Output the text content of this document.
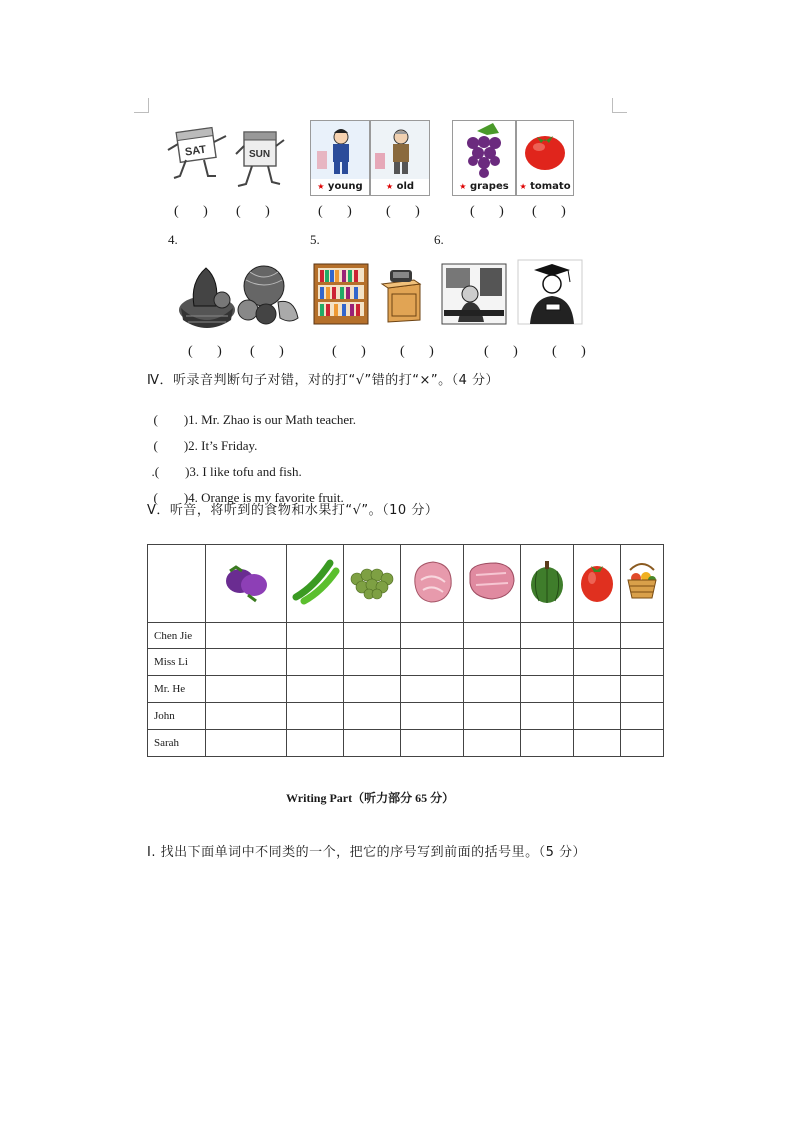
SAT	SUN
★ young	★ old	★ grapes	★ tomato
(       ) (       )	(       ) (       )	(       ) (       )
4.	5.	6.
(       ) (       )	(       ) (       )	(       ) (       )
Ⅳ．听录音判断句子对错，对的打“√”错的打“×”。（4 分）

(        )1. Mr. Zhao is our Math teacher.

(        )2. It’s Friday.

.(        )3. I like tofu and fish.

(        )4. Orange is my favorite fruit.

Ⅴ．听音，将听到的食物和水果打“√”。（10 分）

Chen Jie								
Miss Li								
Mr. He								
John								
Sarah								
Writing Part（听力部分 65 分）
Ⅰ. 找出下面单词中不同类的一个，把它的序号写到前面的括号里。（5 分）
